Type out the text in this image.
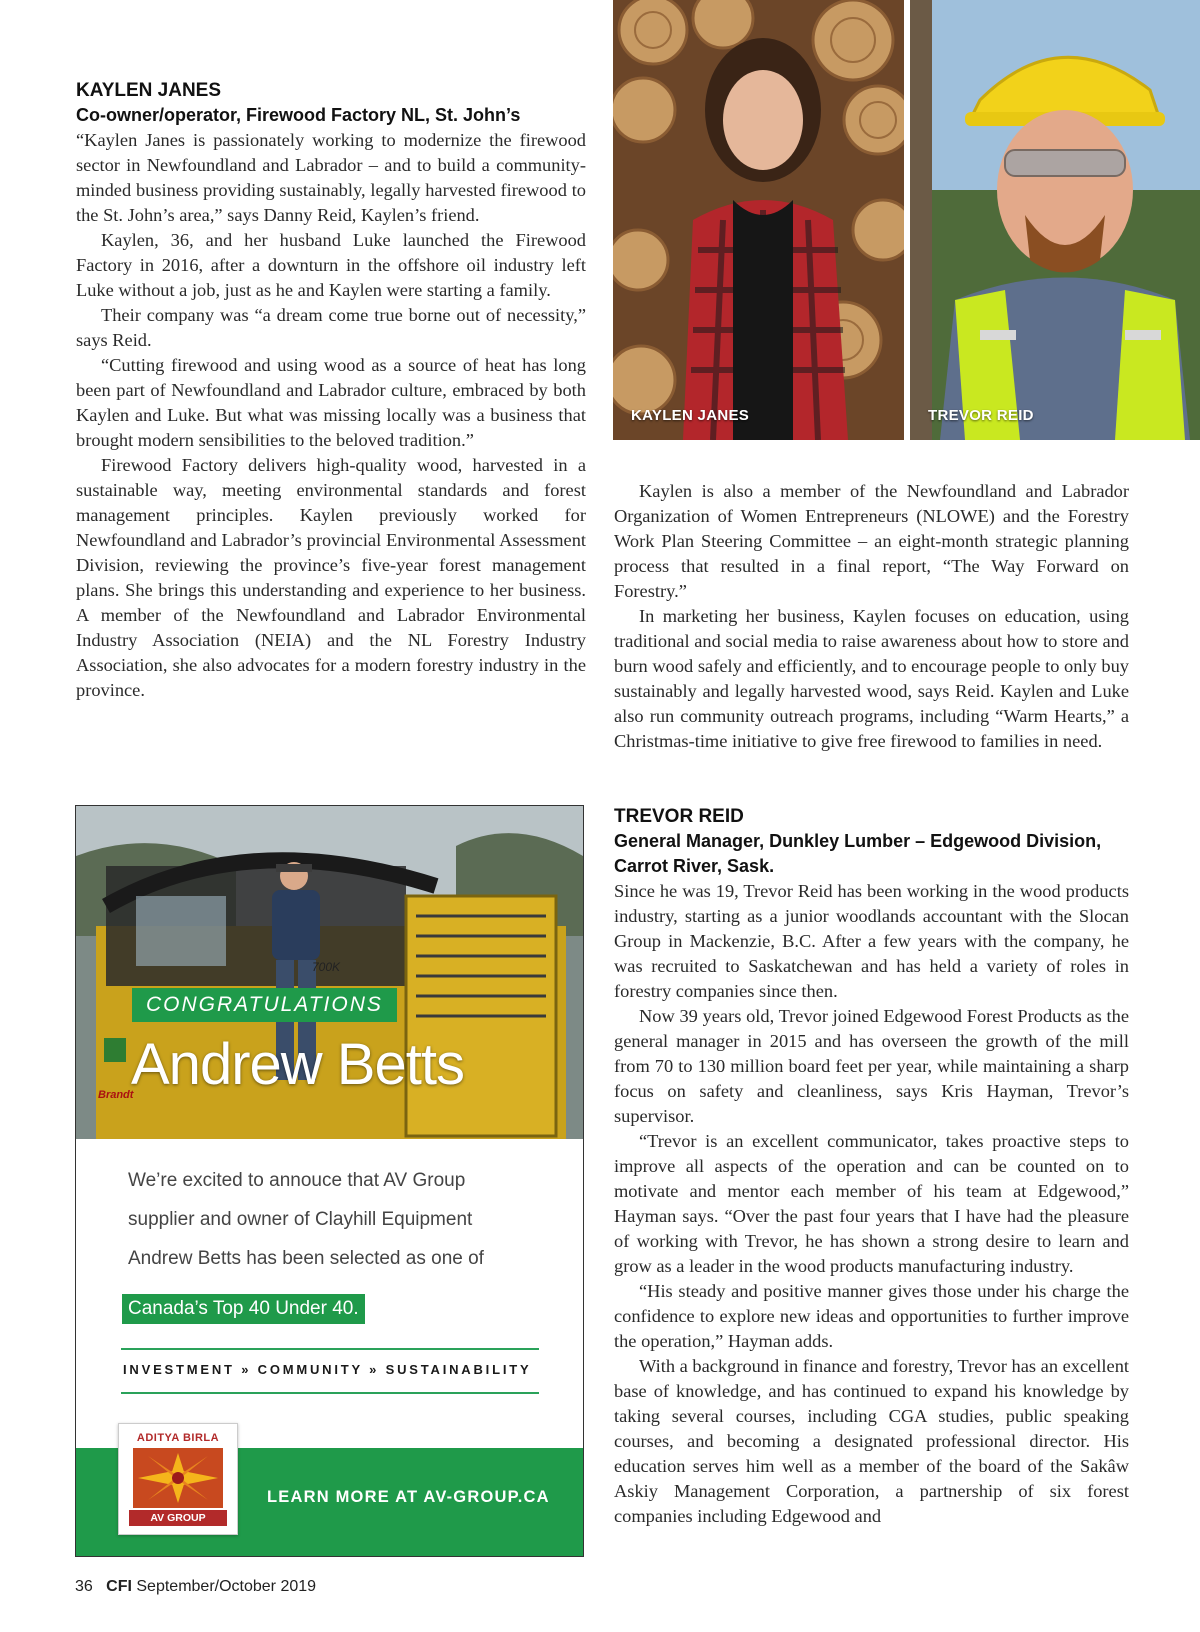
KAYLEN JANES
Co-owner/operator, Firewood Factory NL, St. John’s

“Kaylen Janes is passionately working to modernize the firewood sector in Newfoundland and Labrador – and to build a community-minded business providing sustainably, legally harvested firewood to the St. John’s area,” says Danny Reid, Kaylen’s friend.

Kaylen, 36, and her husband Luke launched the Firewood Factory in 2016, after a downturn in the offshore oil industry left Luke without a job, just as he and Kaylen were starting a family.

Their company was “a dream come true borne out of necessity,” says Reid.

“Cutting firewood and using wood as a source of heat has long been part of Newfoundland and Labrador culture, embraced by both Kaylen and Luke. But what was missing locally was a business that brought modern sensibilities to the beloved tradition.”

Firewood Factory delivers high-quality wood, harvested in a sustainable way, meeting environmental standards and forest management principles. Kaylen previously worked for Newfoundland and Labrador’s provincial Environmental Assessment Division, reviewing the province’s five-year forest management plans. She brings this understanding and experience to her business. A member of the Newfoundland and Labrador Environmental Industry Association (NEIA) and the NL Forestry Industry Association, she also advocates for a modern forestry industry in the province.

KAYLEN JANES	TREVOR REID

Kaylen is also a member of the Newfoundland and Labrador Organization of Women Entrepreneurs (NLOWE) and the Forestry Work Plan Steering Committee – an eight-month strategic planning process that resulted in a final report, “The Way Forward on Forestry.”

In marketing her business, Kaylen focuses on education, using traditional and social media to raise awareness about how to store and burn wood safely and efficiently, and to encourage people to only buy sustainably and legally harvested wood, says Reid. Kaylen and Luke also run community outreach programs, including “Warm Hearts,” a Christmas-time initiative to give free firewood to families in need.

TREVOR REID
General Manager, Dunkley Lumber – Edgewood Division, Carrot River, Sask.

Since he was 19, Trevor Reid has been working in the wood products industry, starting as a junior woodlands accountant with the Slocan Group in Mackenzie, B.C. After a few years with the company, he was recruited to Saskatchewan and has held a variety of roles in forestry companies since then.

Now 39 years old, Trevor joined Edgewood Forest Products as the general manager in 2015 and has overseen the growth of the mill from 70 to 130 million board feet per year, while maintaining a sharp focus on safety and cleanliness, says Kris Hayman, Trevor’s supervisor.

“Trevor is an excellent communicator, takes proactive steps to improve all aspects of the operation and can be counted on to motivate and mentor each member of his team at Edgewood,” Hayman says. “Over the past four years that I have had the pleasure of working with Trevor, he has shown a strong desire to learn and grow as a leader in the wood products manufacturing industry.

“His steady and positive manner gives those under his charge the confidence to explore new ideas and opportunities to further improve the operation,” Hayman adds.

With a background in finance and forestry, Trevor has an excellent base of knowledge, and has continued to expand his knowledge by taking several courses, including CGA studies, public speaking courses, and becoming a designated professional director. His education serves him well as a member of the board of the Sakâw Askiy Management Corporation, a partnership of six forest companies including Edgewood and

700K
Brandt
CONGRATULATIONS
Andrew Betts
We’re excited to annouce that AV Group
supplier and owner of Clayhill Equipment
Andrew Betts has been selected as one of
Canada’s Top 40 Under 40.
INVESTMENT » COMMUNITY » SUSTAINABILITY
ADITYA BIRLA
AV GROUP
LEARN MORE AT AV-GROUP.CA
36 CFI September/October 2019
